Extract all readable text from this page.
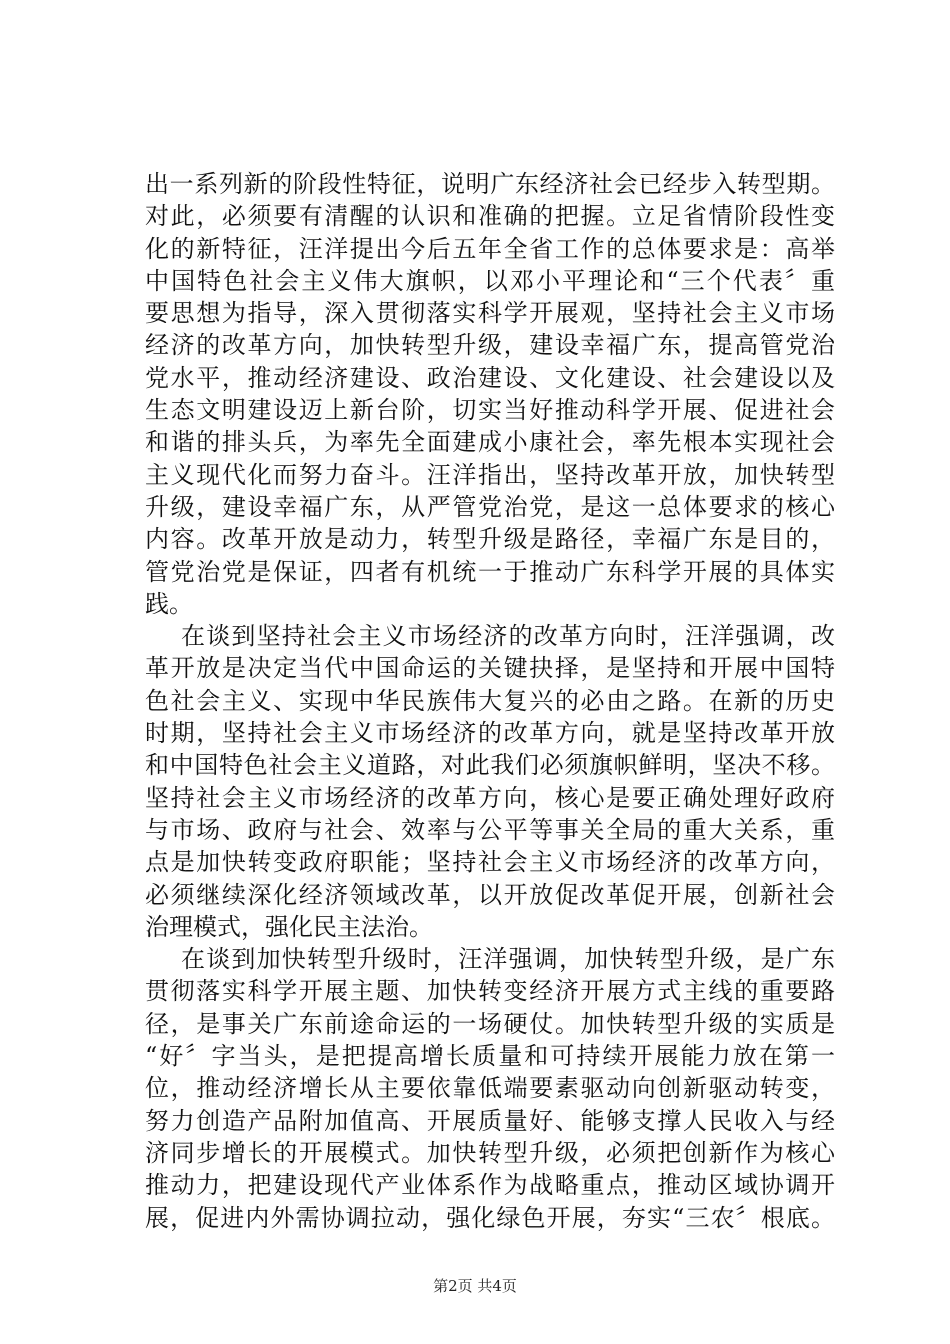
出一系列新的阶段性特征，说明广东经济社会已经步入转型期。
对此，必须要有清醒的认识和准确的把握。立足省情阶段性变
化的新特征，汪洋提出今后五年全省工作的总体要求是：高举
中国特色社会主义伟大旗帜，以邓小平理论和“三个代表〞重
要思想为指导，深入贯彻落实科学开展观，坚持社会主义市场
经济的改革方向，加快转型升级，建设幸福广东，提高管党治
党水平，推动经济建设、政治建设、文化建设、社会建设以及
生态文明建设迈上新台阶，切实当好推动科学开展、促进社会
和谐的排头兵，为率先全面建成小康社会，率先根本实现社会
主义现代化而努力奋斗。汪洋指出，坚持改革开放，加快转型
升级，建设幸福广东，从严管党治党，是这一总体要求的核心
内容。改革开放是动力，转型升级是路径，幸福广东是目的，
管党治党是保证，四者有机统一于推动广东科学开展的具体实
践。
在谈到坚持社会主义市场经济的改革方向时，汪洋强调，改
革开放是决定当代中国命运的关键抉择，是坚持和开展中国特
色社会主义、实现中华民族伟大复兴的必由之路。在新的历史
时期，坚持社会主义市场经济的改革方向，就是坚持改革开放
和中国特色社会主义道路，对此我们必须旗帜鲜明，坚决不移。
坚持社会主义市场经济的改革方向，核心是要正确处理好政府
与市场、政府与社会、效率与公平等事关全局的重大关系，重
点是加快转变政府职能；坚持社会主义市场经济的改革方向，
必须继续深化经济领域改革，以开放促改革促开展，创新社会
治理模式，强化民主法治。
在谈到加快转型升级时，汪洋强调，加快转型升级，是广东
贯彻落实科学开展主题、加快转变经济开展方式主线的重要路
径，是事关广东前途命运的一场硬仗。加快转型升级的实质是
“好〞字当头，是把提高增长质量和可持续开展能力放在第一
位，推动经济增长从主要依靠低端要素驱动向创新驱动转变，
努力创造产品附加值高、开展质量好、能够支撑人民收入与经
济同步增长的开展模式。加快转型升级，必须把创新作为核心
推动力，把建设现代产业体系作为战略重点，推动区域协调开
展，促进内外需协调拉动，强化绿色开展，夯实“三农〞根底。
第2页 共4页
